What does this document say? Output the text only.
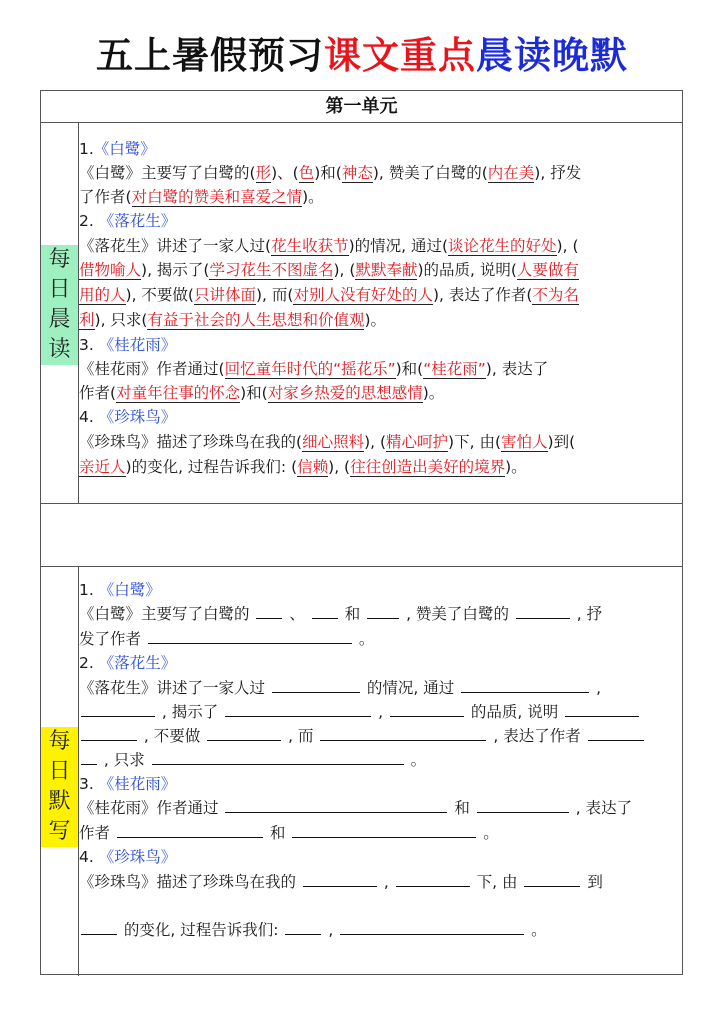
五上暑假预习课文重点晨读晚默
第一单元
每
日
晨
读
每
日
默
写
1.《白鹭》
《白鹭》主要写了白鹭的(形)、(色)和(神态), 赞美了白鹭的(内在美), 抒发
了作者(对白鹭的赞美和喜爱之情)。
2. 《落花生》
《落花生》讲述了一家人过(花生收获节)的情况, 通过(谈论花生的好处), (
借物喻人), 揭示了(学习花生不图虚名), (默默奉献)的品质, 说明(人要做有
用的人), 不要做(只讲体面), 而(对别人没有好处的人), 表达了作者(不为名
利), 只求(有益于社会的人生思想和价值观)。
3. 《桂花雨》
《桂花雨》作者通过(回忆童年时代的“摇花乐”)和(“桂花雨”), 表达了
作者(对童年往事的怀念)和(对家乡热爱的思想感情)。
4. 《珍珠鸟》
《珍珠鸟》描述了珍珠鸟在我的(细心照料), (精心呵护)下, 由(害怕人)到(
亲近人)的变化, 过程告诉我们: (信赖), (往往创造出美好的境界)。
1. 《白鹭》
《白鹭》主要写了白鹭的  、  和  , 赞美了白鹭的	, 抒
发了作者	。
2. 《落花生》
《落花生》讲述了一家人过	的情况, 通过	,
, 揭示了	,	的品质, 说明
, 不要做	, 而	, 表达了作者
, 只求	。
3. 《桂花雨》
《桂花雨》作者通过	和	, 表达了
作者	和	。
4. 《珍珠鸟》
《珍珠鸟》描述了珍珠鸟在我的	,	下, 由	到
的变化, 过程告诉我们:	,	。
